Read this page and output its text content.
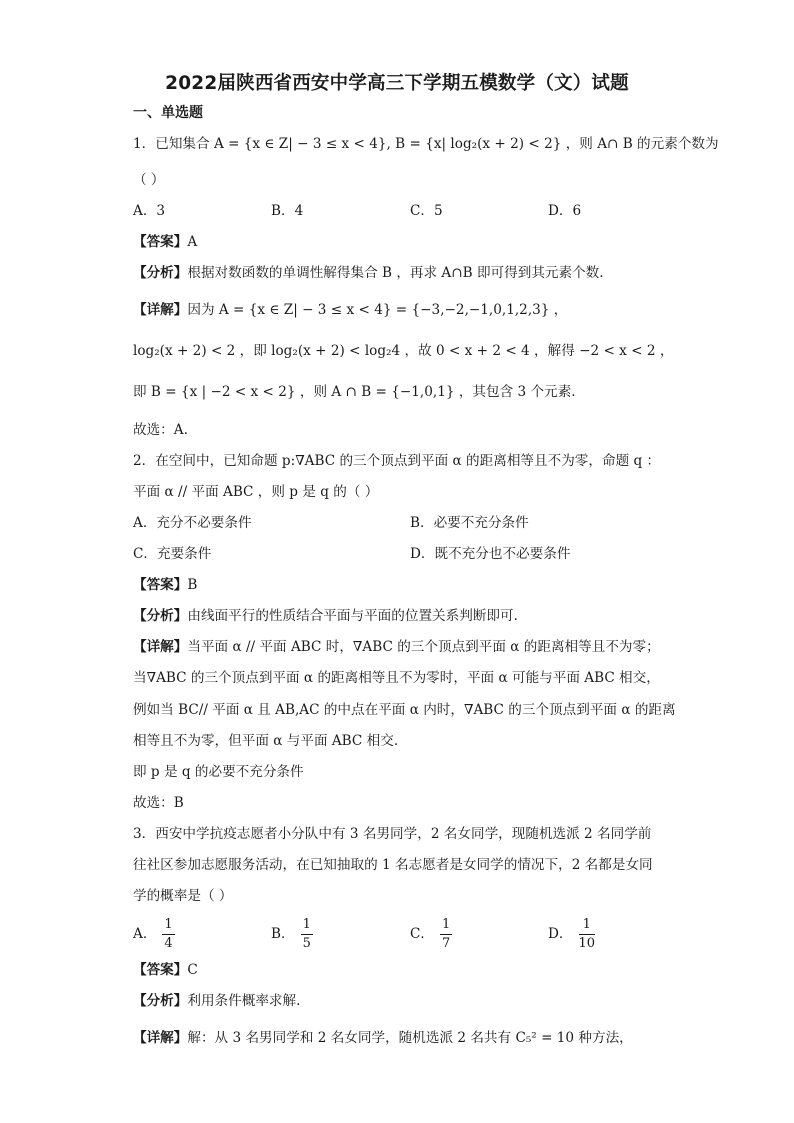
2022届陕西省西安中学高三下学期五模数学（文）试题
一、单选题
1．已知集合 A = {x ∈ Z| − 3 ≤ x < 4}, B = {x| log₂(x + 2) < 2} ，则 A∩ B 的元素个数为
（ ）
A．3	B．4	C．5	D．6
【答案】A
【分析】根据对数函数的单调性解得集合 B ，再求 A∩B 即可得到其元素个数.
【详解】因为 A = {x ∈ Z| − 3 ≤ x < 4} = {−3,−2,−1,0,1,2,3} ，
log₂(x + 2) < 2 ，即 log₂(x + 2) < log₂4 ，故 0 < x + 2 < 4 ，解得 −2 < x < 2 ，
即 B = {x | −2 < x < 2} ，则 A ∩ B = {−1,0,1} ，其包含 3 个元素.
故选：A.
2．在空间中，已知命题 p:∇ABC 的三个顶点到平面 α 的距离相等且不为零，命题 q ：
平面 α // 平面 ABC ，则 p 是 q 的（ ）
A．充分不必要条件	B．必要不充分条件
C．充要条件	D．既不充分也不必要条件
【答案】B
【分析】由线面平行的性质结合平面与平面的位置关系判断即可.
【详解】当平面 α // 平面 ABC 时，∇ABC 的三个顶点到平面 α 的距离相等且不为零；
当∇ABC 的三个顶点到平面 α 的距离相等且不为零时，平面 α 可能与平面 ABC 相交，
例如当 BC// 平面 α 且 AB,AC 的中点在平面 α 内时，∇ABC 的三个顶点到平面 α 的距离
相等且不为零，但平面 α 与平面 ABC 相交.
即 p 是 q 的必要不充分条件
故选：B
3．西安中学抗疫志愿者小分队中有 3 名男同学，2 名女同学，现随机选派 2 名同学前
往社区参加志愿服务活动，在已知抽取的 1 名志愿者是女同学的情况下，2 名都是女同
学的概率是（ ）
A． $\frac{1}{4}$	B． $\frac{1}{5}$	C． $\frac{1}{7}$	D． $\frac{1}{10}$
【答案】C
【分析】利用条件概率求解.
【详解】解：从 3 名男同学和 2 名女同学，随机选派 2 名共有 C₅² = 10 种方法，
